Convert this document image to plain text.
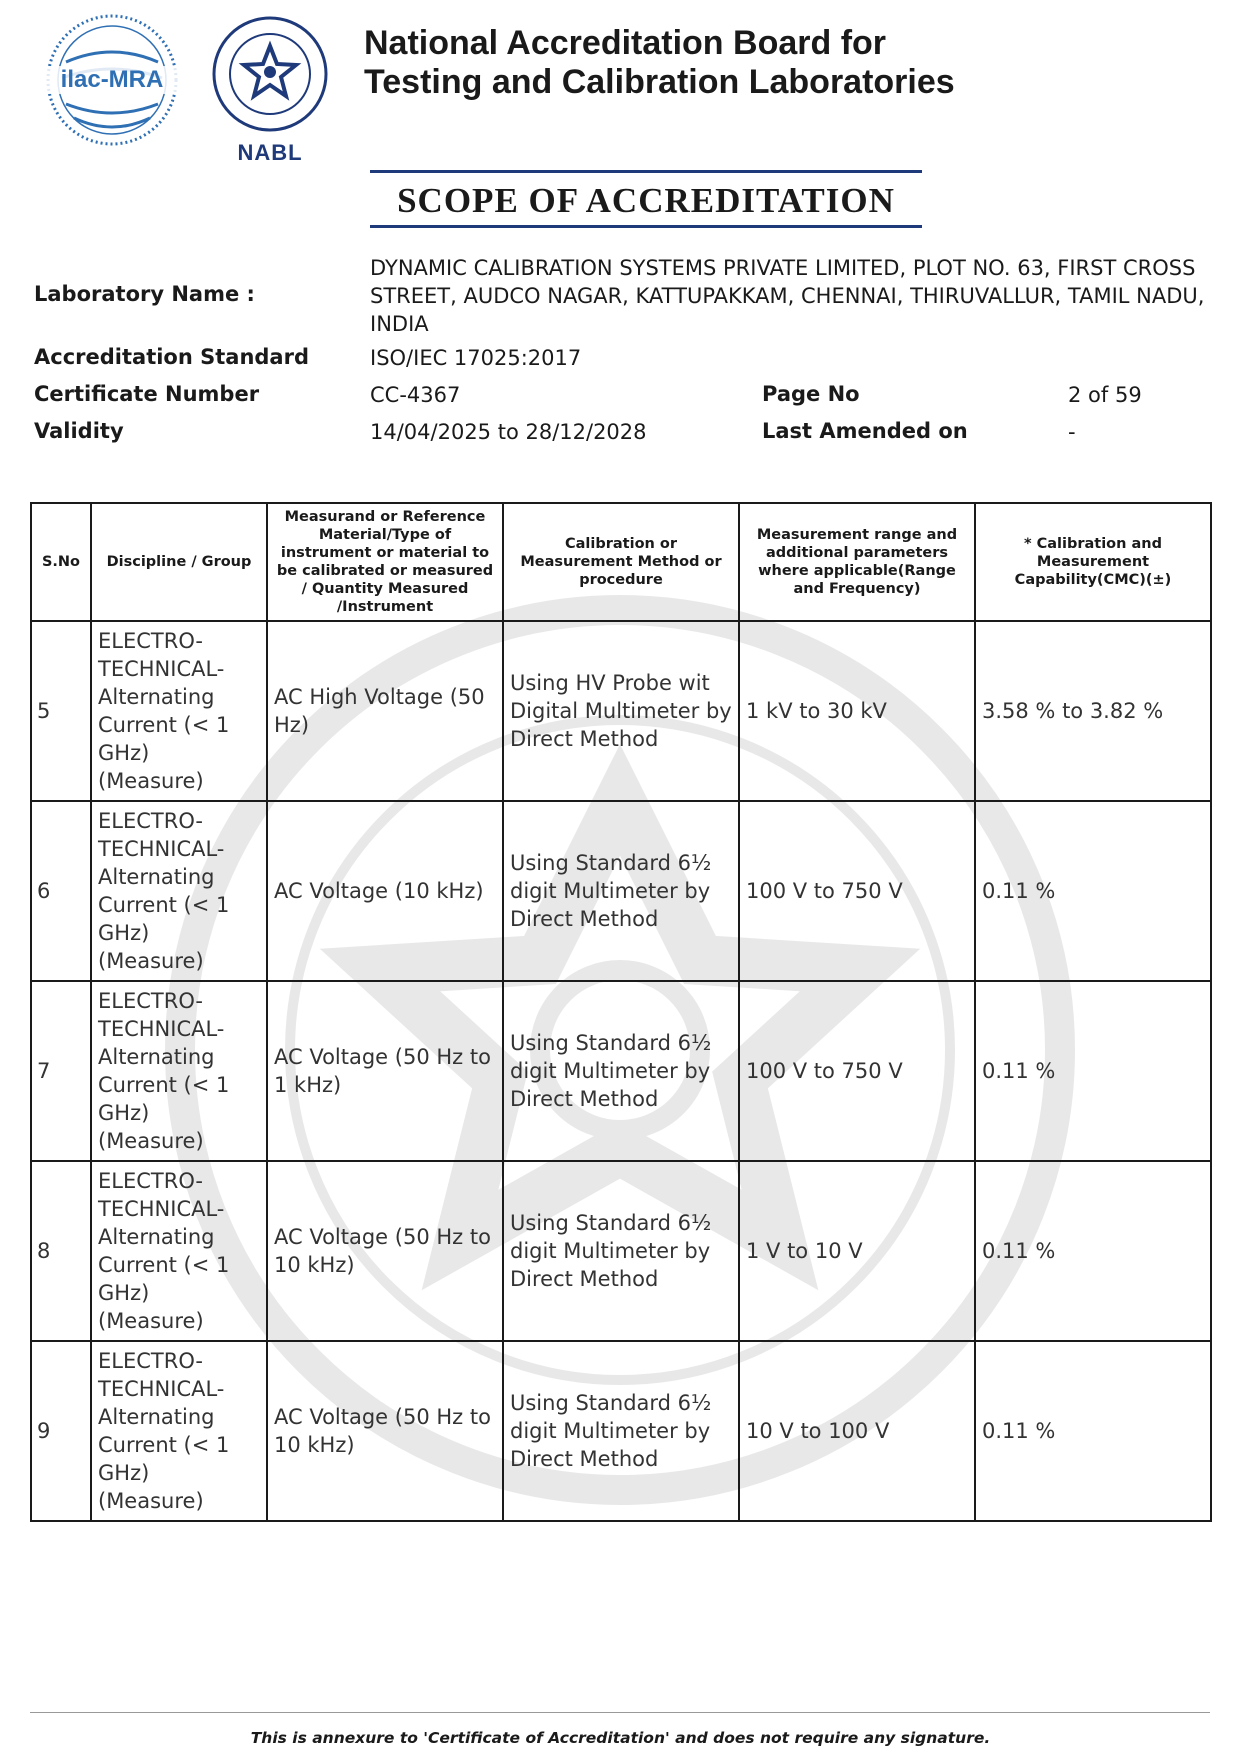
ilac-MRA
NABL
National Accreditation Board for
Testing and Calibration Laboratories
SCOPE OF ACCREDITATION
Laboratory Name :
DYNAMIC CALIBRATION SYSTEMS PRIVATE LIMITED, PLOT NO. 63, FIRST CROSS STREET, AUDCO NAGAR, KATTUPAKKAM, CHENNAI, THIRUVALLUR, TAMIL NADU, INDIA
Accreditation Standard	ISO/IEC 17025:2017
Certificate Number	CC-4367	Page No	2 of 59
Validity	14/04/2025 to 28/12/2028	Last Amended on	-
S.No	Discipline / Group	Measurand or Reference Material/Type of instrument or material to be calibrated or measured / Quantity Measured /Instrument	Calibration or Measurement Method or procedure	Measurement range and additional parameters where applicable(Range and Frequency)	* Calibration and Measurement Capability(CMC)(±)
5	ELECTRO-TECHNICAL-Alternating Current (< 1 GHz) (Measure)	AC High Voltage (50 Hz)	Using HV Probe wit Digital Multimeter by Direct Method	1 kV to 30 kV	3.58 % to 3.82 %
6	ELECTRO-TECHNICAL-Alternating Current (< 1 GHz) (Measure)	AC Voltage (10 kHz)	Using Standard 6½ digit Multimeter by Direct Method	100 V to 750 V	0.11 %
7	ELECTRO-TECHNICAL-Alternating Current (< 1 GHz) (Measure)	AC Voltage (50 Hz to 1 kHz)	Using Standard 6½ digit Multimeter by Direct Method	100 V to 750 V	0.11 %
8	ELECTRO-TECHNICAL-Alternating Current (< 1 GHz) (Measure)	AC Voltage (50 Hz to 10 kHz)	Using Standard 6½ digit Multimeter by Direct Method	1 V to 10 V	0.11 %
9	ELECTRO-TECHNICAL-Alternating Current (< 1 GHz) (Measure)	AC Voltage (50 Hz to 10 kHz)	Using Standard 6½ digit Multimeter by Direct Method	10 V to 100 V	0.11 %
This is annexure to 'Certificate of Accreditation' and does not require any signature.
